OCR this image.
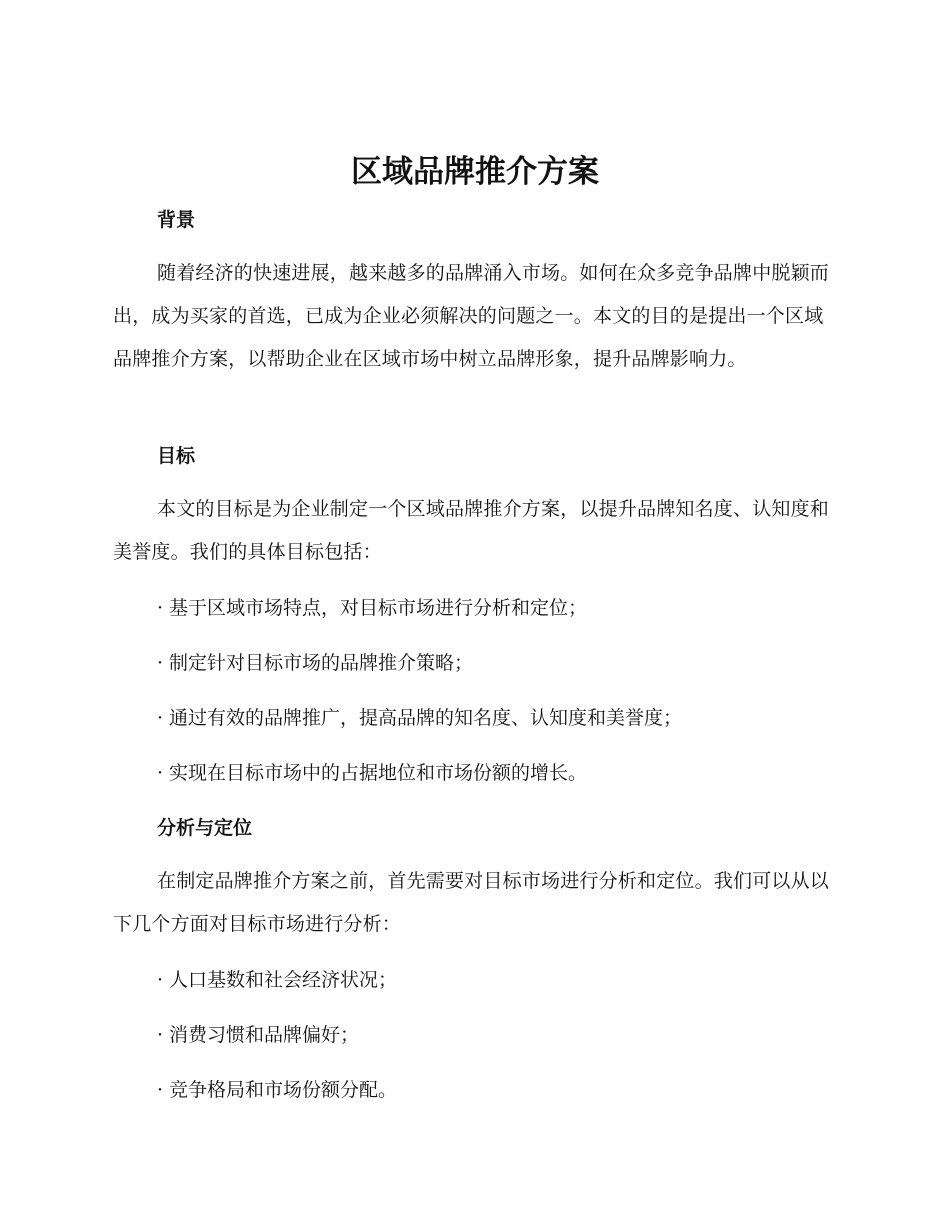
区域品牌推介方案
背景

随着经济的快速进展，越来越多的品牌涌入市场。如何在众多竞争品牌中脱颖而出，成为买家的首选，已成为企业必须解决的问题之一。本文的目的是提出一个区域品牌推介方案，以帮助企业在区域市场中树立品牌形象，提升品牌影响力。

目标

本文的目标是为企业制定一个区域品牌推介方案，以提升品牌知名度、认知度和美誉度。我们的具体目标包括：

· 基于区域市场特点，对目标市场进行分析和定位；
· 制定针对目标市场的品牌推介策略；
· 通过有效的品牌推广，提高品牌的知名度、认知度和美誉度；
· 实现在目标市场中的占据地位和市场份额的增长。
分析与定位

在制定品牌推介方案之前，首先需要对目标市场进行分析和定位。我们可以从以下几个方面对目标市场进行分析：

· 人口基数和社会经济状况；
· 消费习惯和品牌偏好；
· 竞争格局和市场份额分配。
